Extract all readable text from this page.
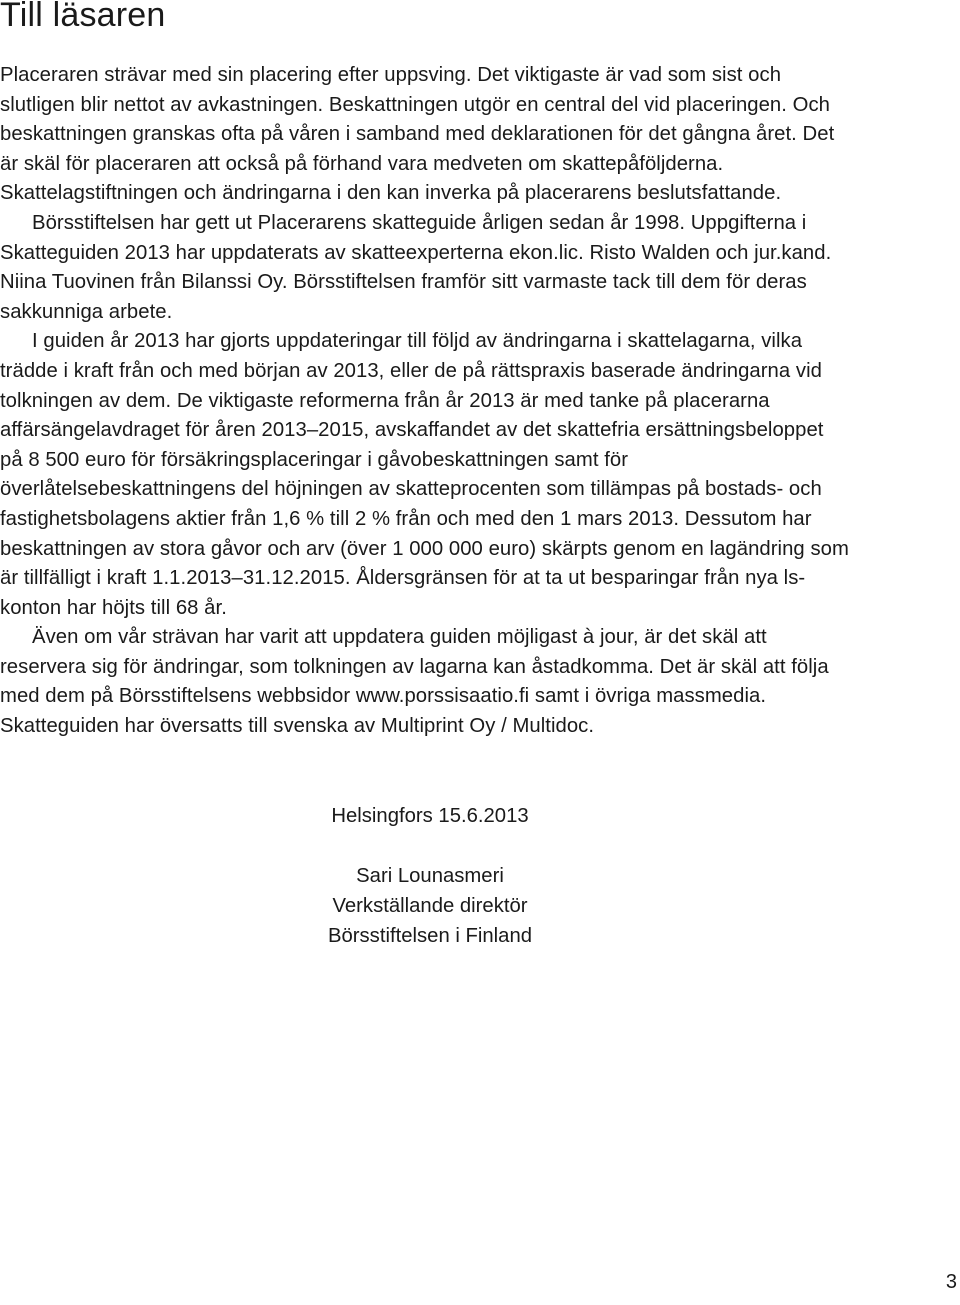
Till läsaren

Placeraren strävar med sin placering efter uppsving. Det viktigaste är vad som sist och slutligen blir nettot av avkastningen. Beskattningen utgör en central del vid placeringen. Och beskattningen granskas ofta på våren i samband med deklarationen för det gångna året. Det är skäl för placeraren att också på förhand vara medveten om skattepåföljderna. Skattelagstiftningen och ändringarna i den kan inverka på placerarens beslutsfattande.

Börsstiftelsen har gett ut Placerarens skatteguide årligen sedan år 1998. Uppgifterna i Skatteguiden 2013 har uppdaterats av skatteexperterna ekon.lic. Risto Walden och jur.kand. Niina Tuovinen från Bilanssi Oy. Börsstiftelsen framför sitt varmaste tack till dem för deras sakkunniga arbete.

I guiden år 2013 har gjorts uppdateringar till följd av ändringarna i skattelagarna, vilka trädde i kraft från och med början av 2013, eller de på rättspraxis baserade ändringarna vid tolkningen av dem. De viktigaste reformerna från år 2013 är med tanke på placerarna affärsängelavdraget för åren 2013–2015, avskaffandet av det skattefria ersättningsbeloppet på 8 500 euro för försäkringsplaceringar i gåvobeskattningen samt för överlåtelsebeskattningens del höjningen av skatteprocenten som tillämpas på bostads- och fastighetsbolagens aktier från 1,6 % till 2 % från och med den 1 mars 2013. Dessutom har beskattningen av stora gåvor och arv (över 1 000 000 euro) skärpts genom en lagändring som är tillfälligt i kraft 1.1.2013–31.12.2015. Åldersgränsen för at ta ut besparingar från nya ls-konton har höjts till 68 år.

Även om vår strävan har varit att uppdatera guiden möjligast à jour, är det skäl att reservera sig för ändringar, som tolkningen av lagarna kan åstadkomma. Det är skäl att följa med dem på Börsstiftelsens webbsidor www.porssisaatio.fi samt i övriga massmedia. Skatteguiden har översatts till svenska av Multiprint Oy / Multidoc.

Helsingfors 15.6.2013
Sari Lounasmeri
Verkställande direktör
Börsstiftelsen i Finland
3
